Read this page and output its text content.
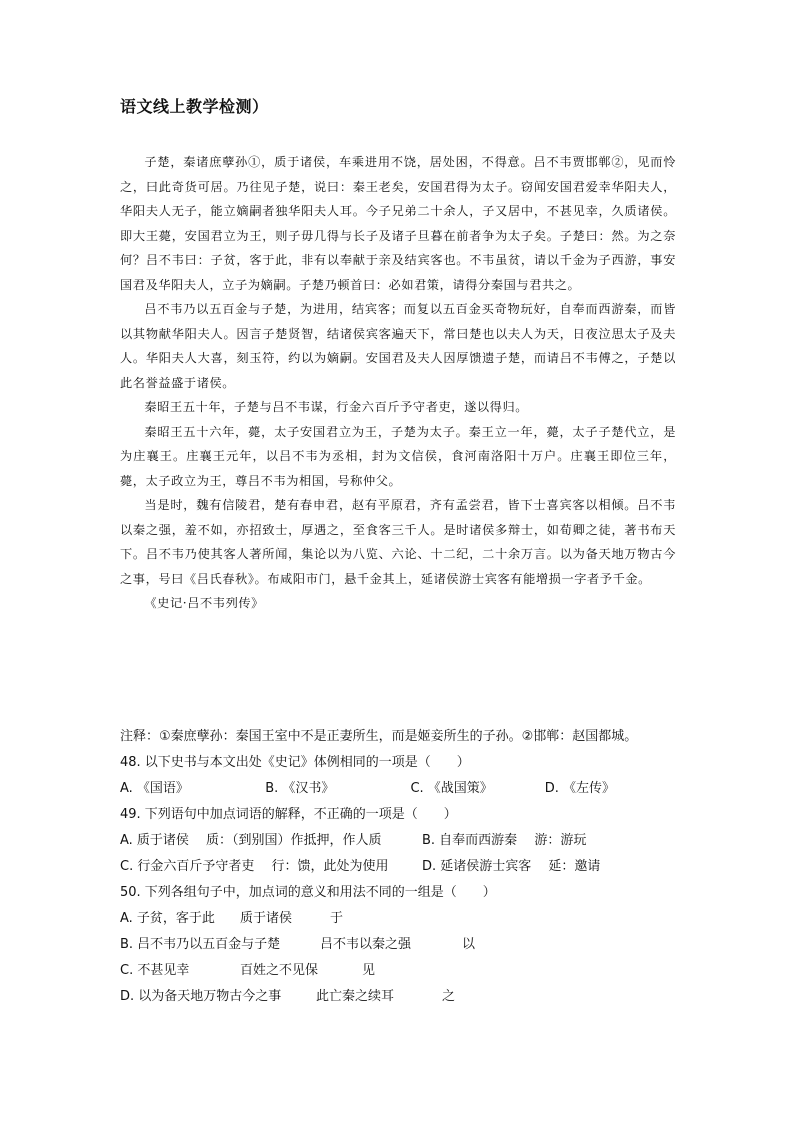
语文线上教学检测）

子楚，秦诸庶孽孙①，质于诸侯，车乘进用不饶，居处困，不得意。吕不韦贾邯郸②，见而怜之，曰此奇货可居。乃往见子楚，说曰：秦王老矣，安国君得为太子。窃闻安国君爱幸华阳夫人，华阳夫人无子，能立嫡嗣者独华阳夫人耳。今子兄弟二十余人，子又居中，不甚见幸，久质诸侯。即大王薨，安国君立为王，则子毋几得与长子及诸子旦暮在前者争为太子矣。子楚曰：然。为之奈何？吕不韦曰：子贫，客于此，非有以奉献于亲及结宾客也。不韦虽贫，请以千金为子西游，事安国君及华阳夫人，立子为嫡嗣。子楚乃顿首曰：必如君策，请得分秦国与君共之。

吕不韦乃以五百金与子楚，为进用，结宾客；而复以五百金买奇物玩好，自奉而西游秦，而皆以其物献华阳夫人。因言子楚贤智，结诸侯宾客遍天下，常曰楚也以夫人为天，日夜泣思太子及夫人。华阳夫人大喜，刻玉符，约以为嫡嗣。安国君及夫人因厚馈遗子楚，而请吕不韦傅之，子楚以此名誉益盛于诸侯。

秦昭王五十年，子楚与吕不韦谋，行金六百斤予守者吏，遂以得归。

秦昭王五十六年，薨，太子安国君立为王，子楚为太子。秦王立一年，薨，太子子楚代立，是为庄襄王。庄襄王元年，以吕不韦为丞相，封为文信侯，食河南洛阳十万户。庄襄王即位三年，薨，太子政立为王，尊吕不韦为相国，号称仲父。

当是时，魏有信陵君，楚有春申君，赵有平原君，齐有孟尝君，皆下士喜宾客以相倾。吕不韦以秦之强，羞不如，亦招致士，厚遇之，至食客三千人。是时诸侯多辩士，如荀卿之徒，著书布天下。吕不韦乃使其客人著所闻，集论以为八览、六论、十二纪，二十余万言。以为备天地万物古今之事，号曰《吕氏春秋》。布咸阳市门，悬千金其上，延诸侯游士宾客有能增损一字者予千金。

《史记·吕不韦列传》

注释：①秦庶孽孙：秦国王室中不是正妻所生，而是姬妾所生的子孙。②邯郸：赵国都城。

48. 以下史书与本文出处《史记》体例相同的一项是（　　）

A. 《国语》	B. 《汉书》	C. 《战国策》	D. 《左传》

49. 下列语句中加点词语的解释，不正确的一项是（　　）

A. 质于诸侯　 质：（到别国）作抵押，作人质	B. 自奉而西游秦　 游：游玩

C. 行金六百斤予守者吏　 行：馈，此处为使用	D. 延诸侯游士宾客　 延：邀请

50. 下列各组句子中，加点词的意义和用法不同的一组是（　　）

A. 子贫，客于此	质于诸侯	于

B. 吕不韦乃以五百金与子楚	吕不韦以秦之强	以

C. 不甚见幸	百姓之不见保	见

D. 以为备天地万物古今之事	此亡秦之续耳	之
